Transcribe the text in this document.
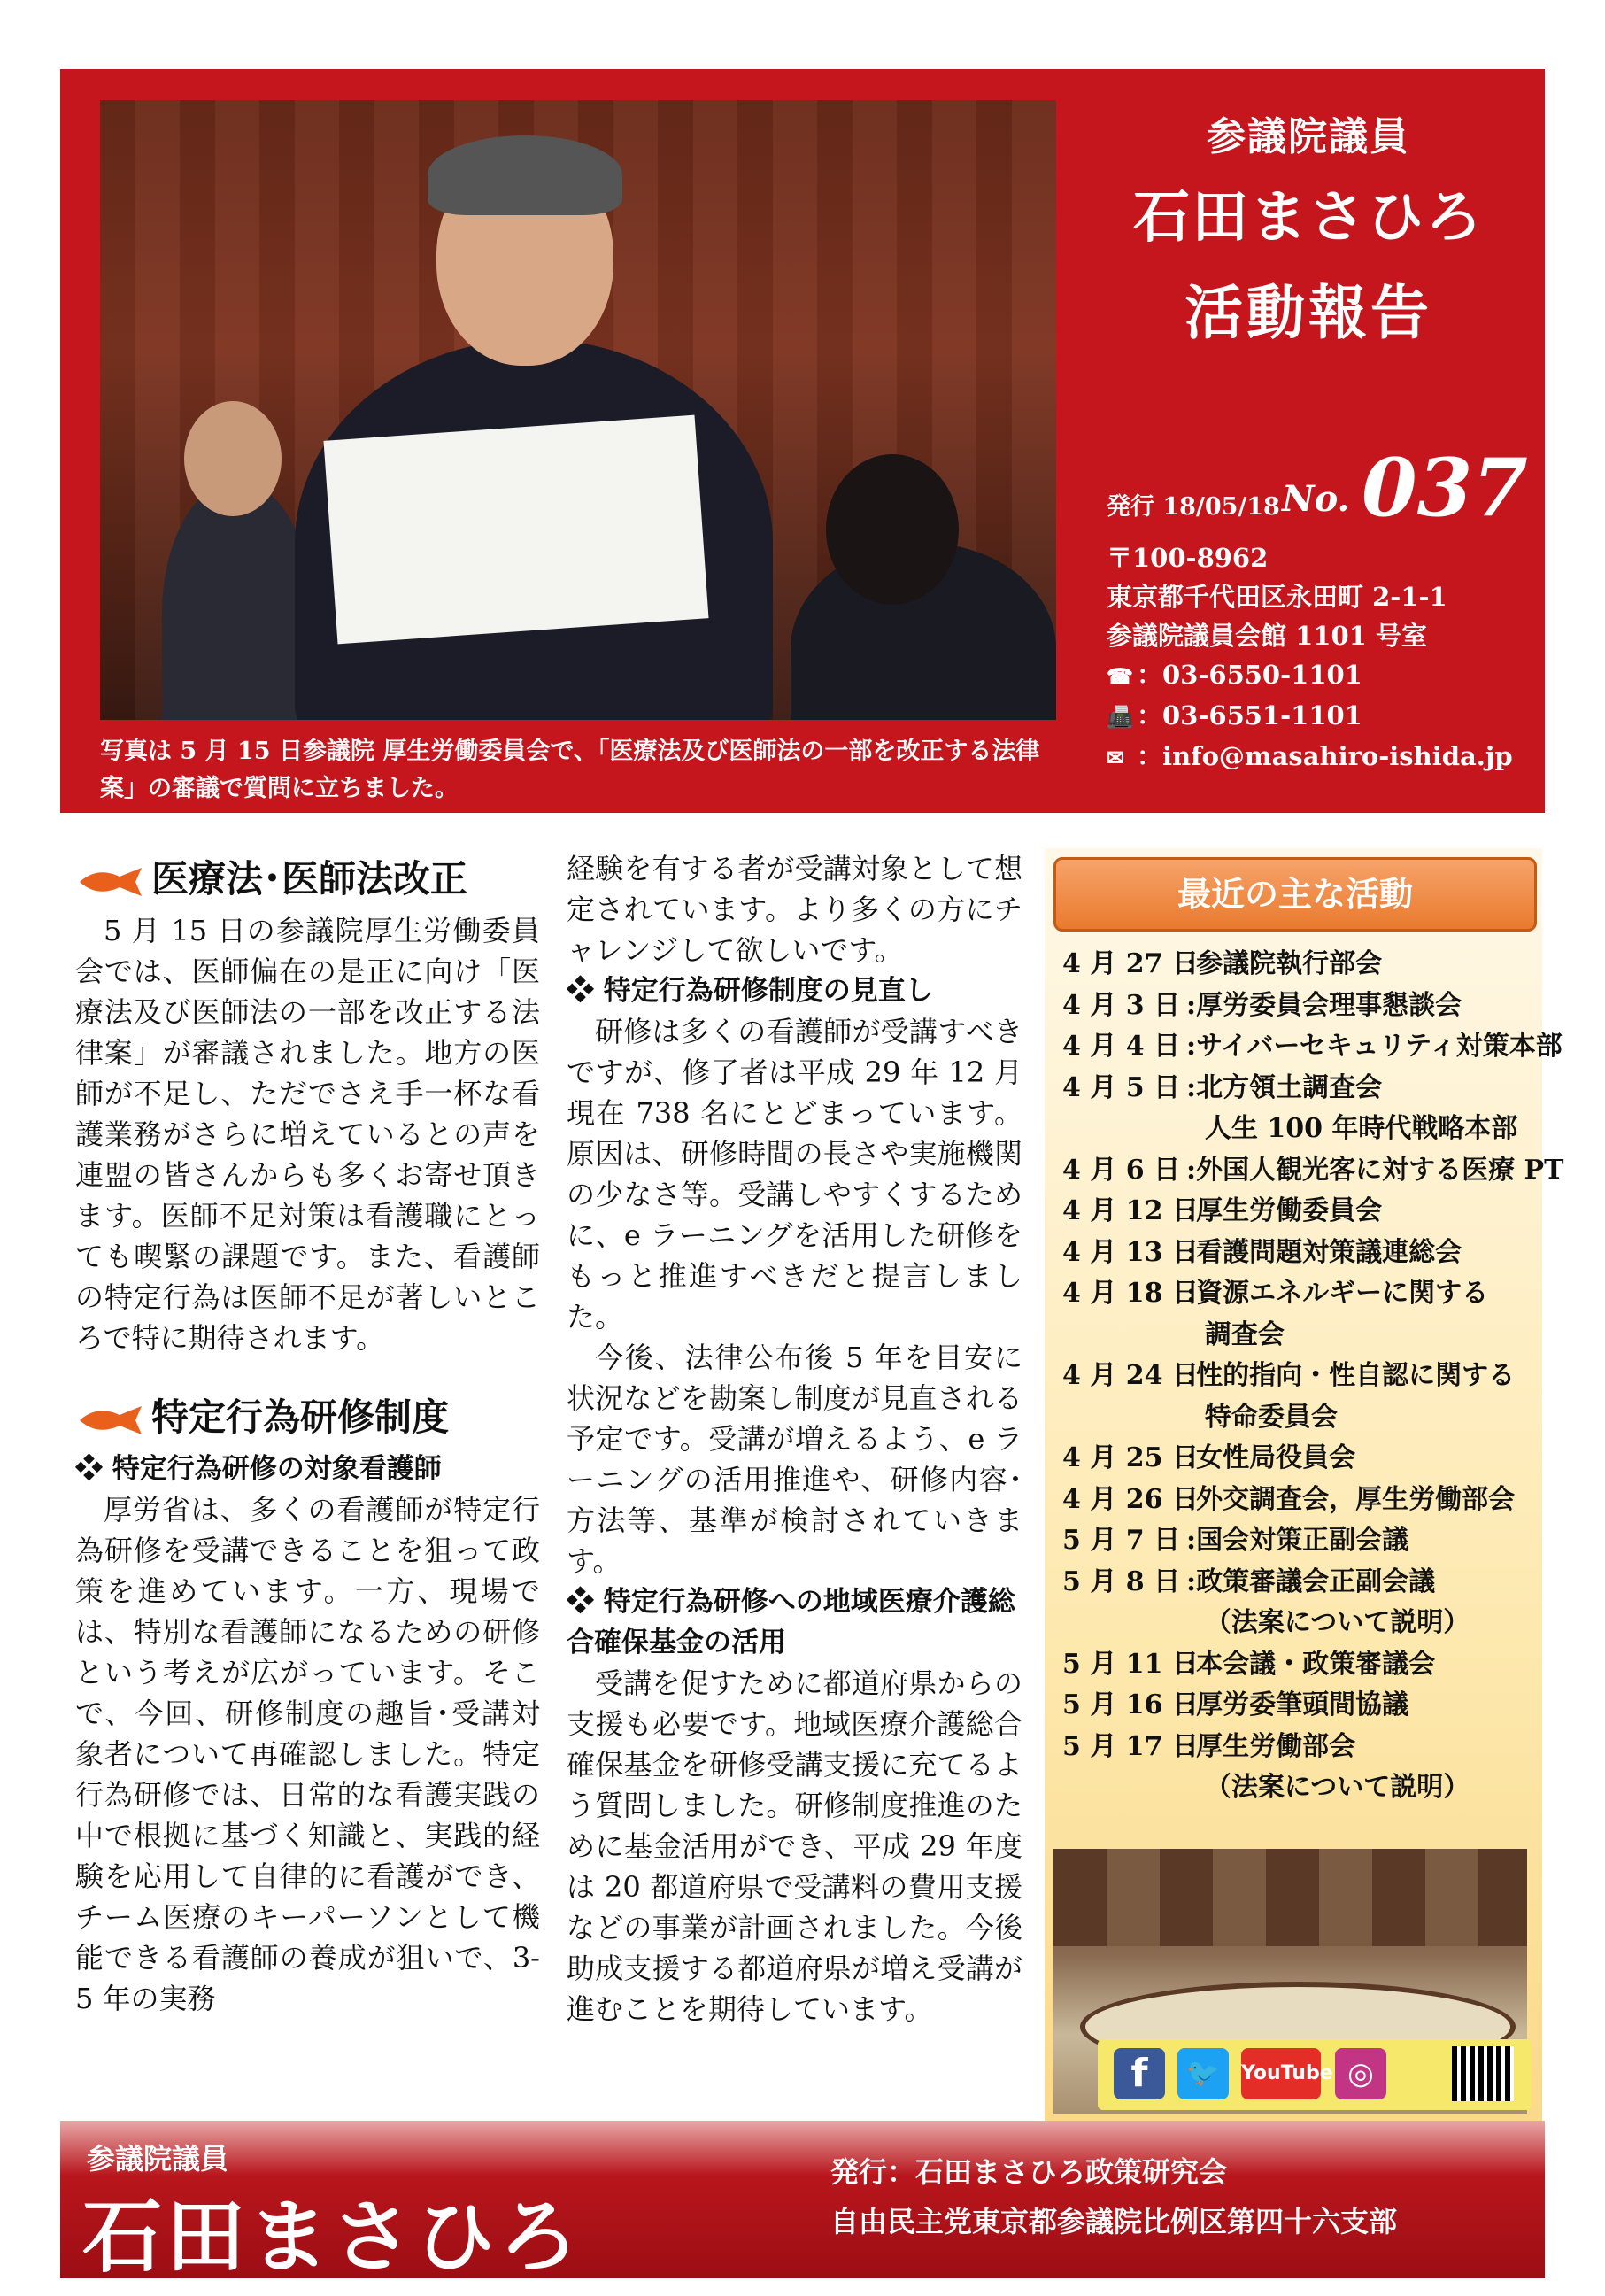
写真は 5 月 15 日参議院 厚生労働委員会で、「医療法及び医師法の一部を改正する法律案」の審議で質問に立ちました。
参議院議員
石田まさひろ
活動報告
発行 18/05/18 No. 037
〒100-8962
東京都千代田区永田町 2-1-1
参議院議員会館 1101 号室
☎ ：03-6550-1101
📠 ：03-6551-1101
✉ ：info@masahiro-ishida.jp
医療法･医師法改正

5 月 15 日の参議院厚生労働委員会では、医師偏在の是正に向け「医療法及び医師法の一部を改正する法律案」が審議されました。地方の医師が不足し、ただでさえ手一杯な看護業務がさらに増えているとの声を連盟の皆さんからも多くお寄せ頂きます。医師不足対策は看護職にとっても喫緊の課題です。また、看護師の特定行為は医師不足が著しいところで特に期待されます。

特定行為研修制度
❖ 特定行為研修の対象看護師

厚労省は、多くの看護師が特定行為研修を受講できることを狙って政策を進めています。一方、現場では、特別な看護師になるための研修という考えが広がっています。そこで、今回、研修制度の趣旨･受講対象者について再確認しました。特定行為研修では、日常的な看護実践の中で根拠に基づく知識と、実践的経験を応用して自律的に看護ができ、チーム医療のキーパーソンとして機能できる看護師の養成が狙いで、3-5 年の実務

経験を有する者が受講対象として想定されています。より多くの方にチャレンジして欲しいです。

❖ 特定行為研修制度の見直し

研修は多くの看護師が受講すべきですが、修了者は平成 29 年 12 月現在 738 名にとどまっています。原因は、研修時間の長さや実施機関の少なさ等。受講しやすくするために、e ラーニングを活用した研修をもっと推進すべきだと提言しました。

今後、法律公布後 5 年を目安に状況などを勘案し制度が見直される予定です。受講が増えるよう、e ラーニングの活用推進や、研修内容･方法等、基準が検討されていきます。

❖ 特定行為研修への地域医療介護総合確保基金の活用

受講を促すために都道府県からの支援も必要です。地域医療介護総合確保基金を研修受講支援に充てるよう質問しました。研修制度推進のために基金活用ができ、平成 29 年度は 20 都道府県で受講料の費用支援などの事業が計画されました。今後助成支援する都道府県が増え受講が進むことを期待しています。

最近の主な活動
4 月 27 日
:参議院執行部会
4 月 3 日 :厚労委員会理事懇談会
4 月 4 日 :サイバーセキュリティ対策本部
4 月 5 日 :北方領土調査会
人生 100 年時代戦略本部
4 月 6 日 :外国人観光客に対する医療 PT
4 月 12 日
:厚生労働委員会
4 月 13 日
:看護問題対策議連総会
4 月 18 日
:資源エネルギーに関する
調査会
4 月 24 日
:性的指向・性自認に関する
特命委員会
4 月 25 日
:女性局役員会
4 月 26 日
:外交調査会，厚生労働部会
5 月 7 日 :国会対策正副会議
5 月 8 日 :政策審議会正副会議
（法案について説明）
5 月 11 日
:本会議・政策審議会
5 月 16 日
:厚労委筆頭間協議
5 月 17 日
:厚生労働部会
（法案について説明）
f	🐦	YouTube ◎
参議院議員
石田まさひろ
発行：石田まさひろ政策研究会
自由民主党東京都参議院比例区第四十六支部
